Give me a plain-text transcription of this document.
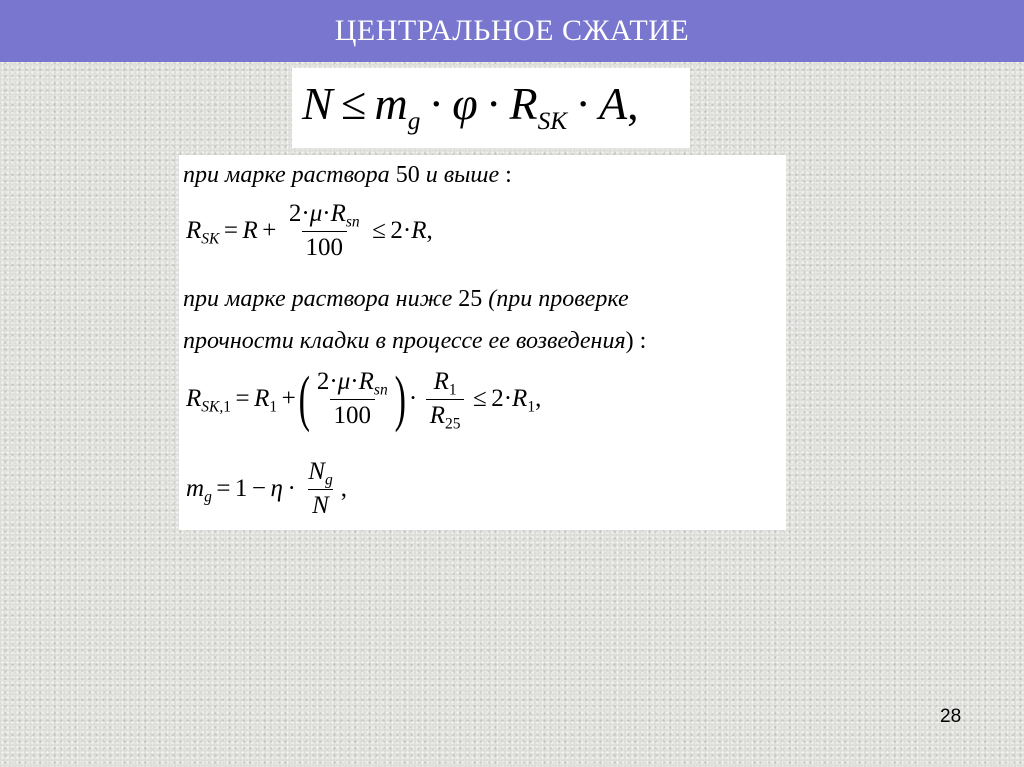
ЦЕНТРАЛЬНОЕ СЖАТИЕ
$N \le m_g \cdot \varphi \cdot R_{SK} \cdot A$,
при марке раствора 50 и выше :
$R_{SK} = R + \frac{2\cdot\mu\cdot R_{sn}}{100} \le 2\cdot R$ ,
при марке раствора ниже 25 (при проверке
прочности кладки в процессе ее возведения) :
$R_{SK,1} = R_1$ + ( $\frac{2\cdot\mu\cdot R_{sn}}{100}$ ) · $\frac{R_1}{R_{25}} \le 2\cdot R_1$ ,
$m_g = 1 - \eta \cdot \frac{N_g}{N}$ ,
28
